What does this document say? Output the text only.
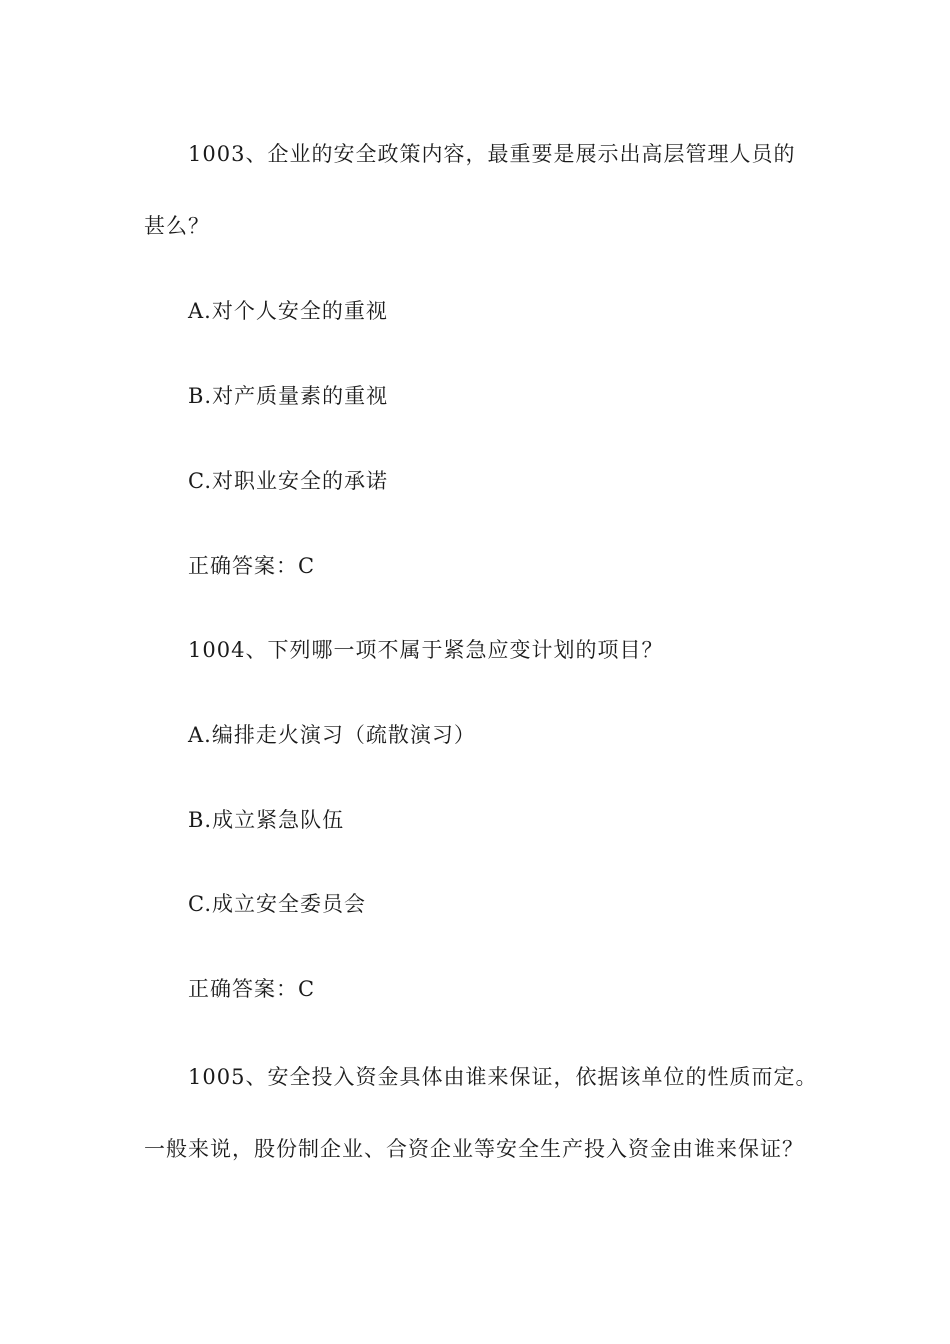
1003、企业的安全政策内容，最重要是展示出高层管理人员的
甚么？
A.对个人安全的重视
B.对产质量素的重视
C.对职业安全的承诺
正确答案：C
1004、下列哪一项不属于紧急应变计划的项目？
A.编排走火演习（疏散演习）
B.成立紧急队伍
C.成立安全委员会
正确答案：C
1005、安全投入资金具体由谁来保证，依据该单位的性质而定。
一般来说，股份制企业、合资企业等安全生产投入资金由谁来保证？
